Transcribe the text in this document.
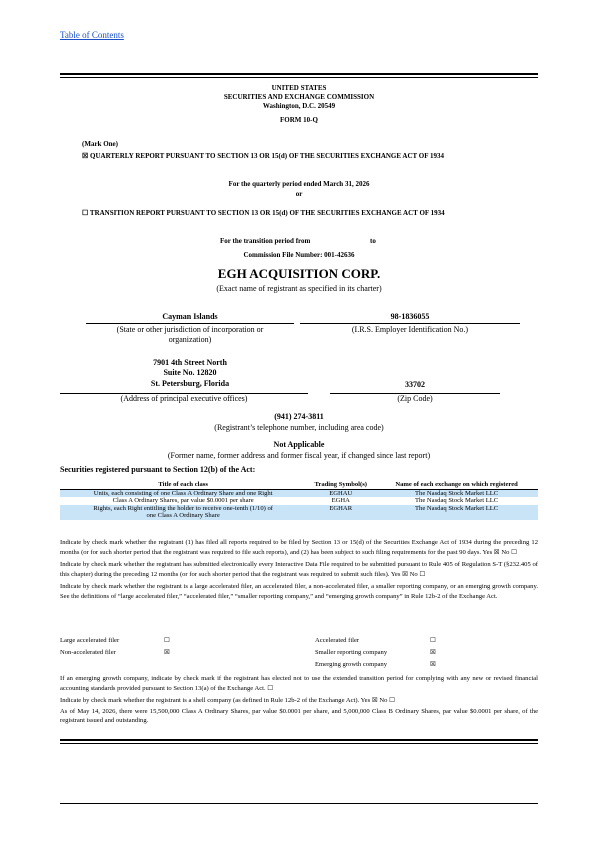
Table of Contents
UNITED STATES
SECURITIES AND EXCHANGE COMMISSION
Washington, D.C. 20549
FORM 10-Q
(Mark One)
☒ QUARTERLY REPORT PURSUANT TO SECTION 13 OR 15(d) OF THE SECURITIES EXCHANGE ACT OF 1934
For the quarterly period ended March 31, 2026
or
☐ TRANSITION REPORT PURSUANT TO SECTION 13 OR 15(d) OF THE SECURITIES EXCHANGE ACT OF 1934
For the transition period from	to
Commission File Number: 001-42636
EGH ACQUISITION CORP.
(Exact name of registrant as specified in its charter)
Cayman Islands
(State or other jurisdiction of incorporation or organization)
98-1836055
(I.R.S. Employer Identification No.)
7901 4th Street North
Suite No. 12820
St. Petersburg, Florida
(Address of principal executive offices)
33702
(Zip Code)
(941) 274-3811
(Registrant’s telephone number, including area code)
Not Applicable
(Former name, former address and former fiscal year, if changed since last report)
Securities registered pursuant to Section 12(b) of the Act:
Title of each class	Trading Symbol(s)	Name of each exchange on which registered
Units, each consisting of one Class A Ordinary Share and one Right	EGHAU	The Nasdaq Stock Market LLC
Class A Ordinary Shares, par value $0.0001 per share	EGHA	The Nasdaq Stock Market LLC
Rights, each Right entitling the holder to receive one-tenth (1/10) of one Class A Ordinary Share	EGHAR	The Nasdaq Stock Market LLC

Indicate by check mark whether the registrant (1) has filed all reports required to be filed by Section 13 or 15(d) of the Securities Exchange Act of 1934 during the preceding 12 months (or for such shorter period that the registrant was required to file such reports), and (2) has been subject to such filing requirements for the past 90 days. Yes ☒ No ☐

Indicate by check mark whether the registrant has submitted electronically every Interactive Data File required to be submitted pursuant to Rule 405 of Regulation S-T (§232.405 of this chapter) during the preceding 12 months (or for such shorter period that the registrant was required to submit such files). Yes ☒ No ☐

Indicate by check mark whether the registrant is a large accelerated filer, an accelerated filer, a non-accelerated filer, a smaller reporting company, or an emerging growth company. See the definitions of “large accelerated filer,” “accelerated filer,” “smaller reporting company,” and “emerging growth company” in Rule 12b-2 of the Exchange Act.

Large accelerated filer	☐	Accelerated filer	☐
Non-accelerated filer	☒	Smaller reporting company	☒
Emerging growth company	☒

If an emerging growth company, indicate by check mark if the registrant has elected not to use the extended transition period for complying with any new or revised financial accounting standards provided pursuant to Section 13(a) of the Exchange Act. ☐

Indicate by check mark whether the registrant is a shell company (as defined in Rule 12b-2 of the Exchange Act). Yes ☒ No ☐

As of May 14, 2026, there were 15,500,000 Class A Ordinary Shares, par value $0.0001 per share, and 5,000,000 Class B Ordinary Shares, par value $0.0001 per share, of the registrant issued and outstanding.
